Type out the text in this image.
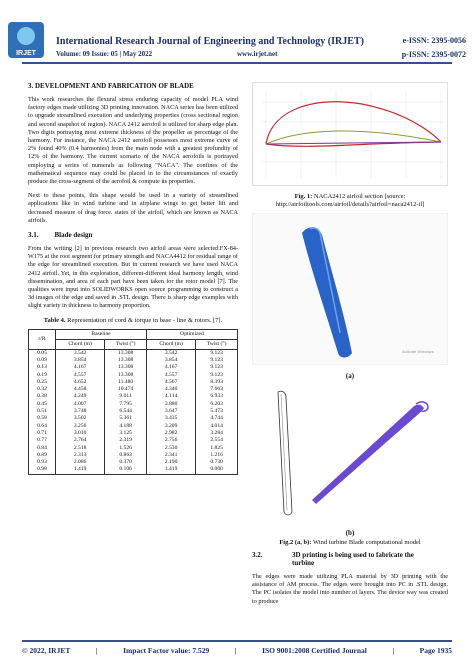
IRJET
International Research Journal of Engineering and Technology (IRJET)	e-ISSN: 2395-0056
Volume: 09 Issue: 05 | May 2022	www.irjet.net	p-ISSN: 2395-0072
3. DEVELOPMENT AND FABRICATION OF BLADE

This work researches the flexural stress enduring capacity of model PLA wind factory edges made utilizing 3D printing innovation. NACA series has been utilized to upgrade streamlined execution and underlying properties (cross sectional region and second snapshot of region). NACA 2412 aerofoil is utilized for sharp edge plan. Two digits portraying most extreme thickness of the propeller as percentage of the harmony. For instance, the NACA 2412 aerofoil possesses most extreme curve of 2% found 40% (0.4 harmonies) from the main node with a greatest profundity of 12% of the harmony. The current scenario of the NACA aerofoils is portrayed employing a series of numerals as following "NACA". The confines of the mathematical sequence may could be placed in to the circumstances of exactly produce the cross-segment of the aerofoil & compute its properties.

Next to these points, this shape would be used in a variety of streamlined applications like in wind turbine and in airplane wings to get better lift and decreased measure of drag force. states of the airfoil, which are known as NACA airfoils.

3.1. Blade design

From the writing [2] in previous research two airfoil areas were selected.FX-84-W175 at the root segment for primary strength and NACA4412 for residual range of the edge for streamlined execution. But in current research we have used NACA 2412 airfoil. Yet, in this exploration, different-different ideal harmony length, wind dissemination, and area of each part have been taken for the rotor model [7]. The qualities were input into SOLIDWORKS open source programming to construct a 3d images of the edge and saved in .STL design. There is sharp edge examples with slight variety in thickness to harmony proportion.

Table 4. Representation of cord & torque in base - line & rotors. [7].
r/R	Baseline		Optimized	
	Chord (m)	Twist (°)	Chord (m)	Twist (°)
0.05	3.542	13.308	3.542	9.123
0.09	3.854	13.308	3.854	9.123
0.13	4.167	13.308	4.167	9.123
0.19	4.557	13.308	4.557	9.123
0.25	4.652	11.480	4.567	8.393
0.32	4.458	10.474	4.340	7.663
0.38	4.249	9.011	4.114	6.933
0.45	4.007	7.795	3.880	6.203
0.51	3.748	6.544	3.647	5.473
0.58	3.502	5.361	3.435	4.744
0.64	3.256	4.188	3.209	4.014
0.71	3.010	3.125	2.982	3.284
0.77	2.764	2.319	2.756	2.554
0.84	2.518	1.526	2.530	1.825
0.89	2.313	0.863	2.341	1.216
0.93	2.086	0.370	2.190	0.730
0.98	1.419	0.106	1.419	0.000
Fig. 1: NACA2412 airfoil section [source: http://airfoiltools.com/airfoil/details?airfoil=naca2412-il]
Activate Windows
(a)
(b)
Fig.2 (a, b): Wind turbine Blade computational model
3.2.	3D printing is being used to fabricate the turbine

The edges were made utilizing PLA material by 3D printing with the assistance of AM process. The edges were brought into PC in .STL design. The PC isolates the model into number of layers. The device way was created to produce

© 2022, IRJET	|	Impact Factor value: 7.529	|	ISO 9001:2008 Certified Journal	|	Page 1935
